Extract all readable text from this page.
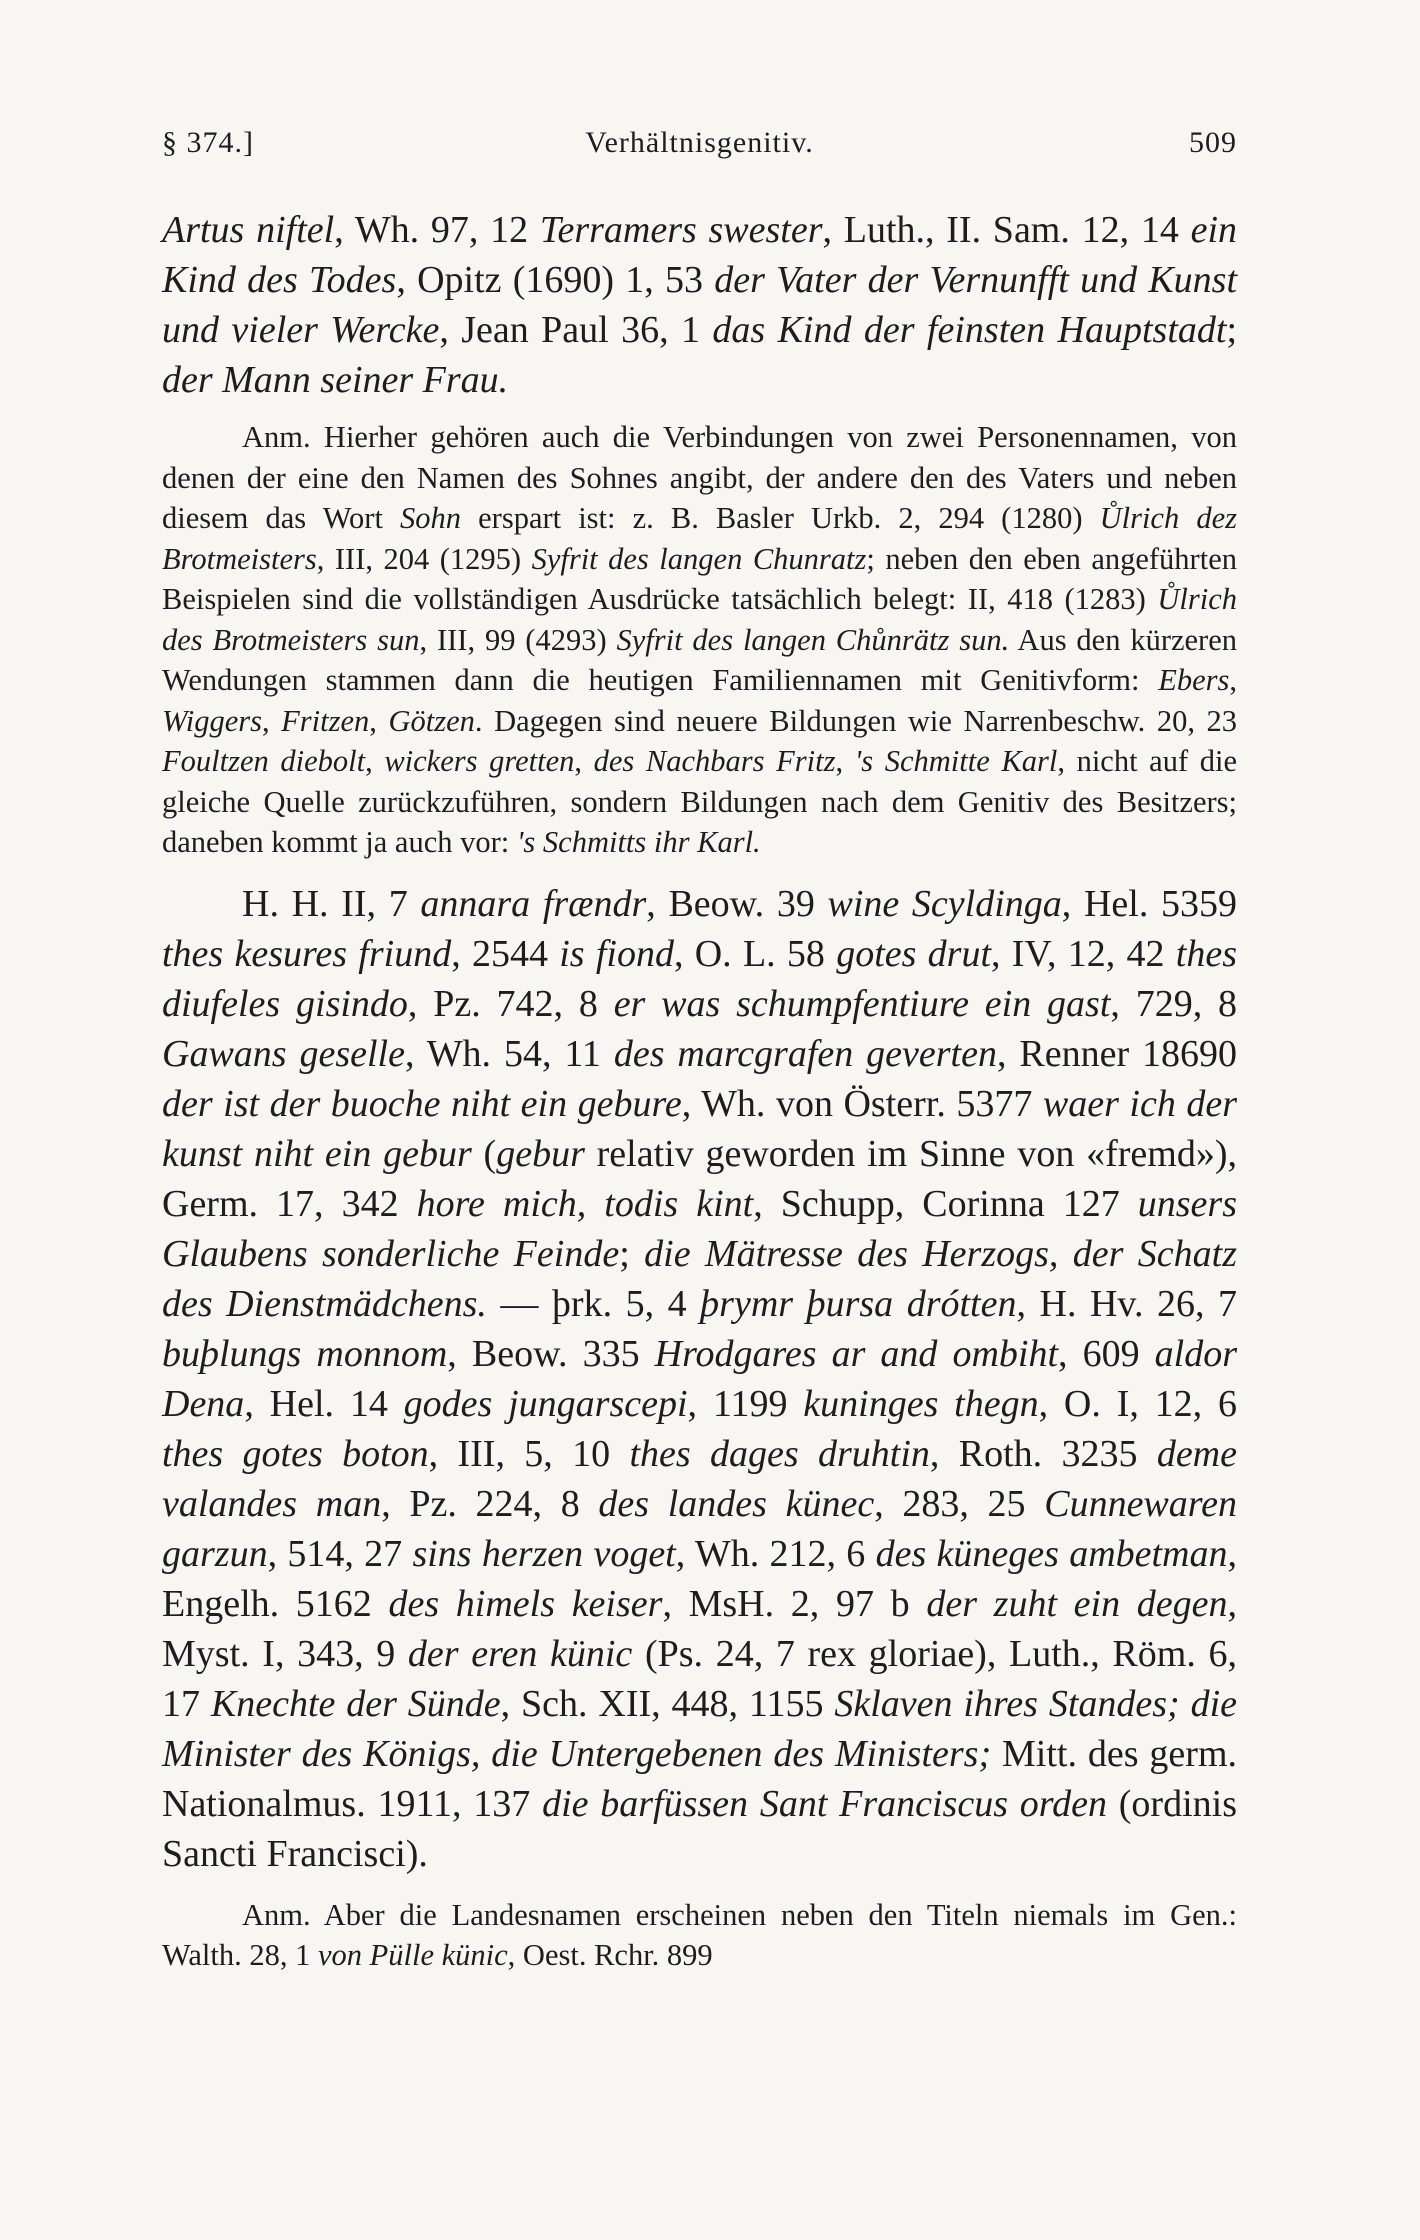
§ 374.]	Verhältnisgenitiv.	509

Artus niftel, Wh. 97, 12 Terramers swester, Luth., II. Sam. 12, 14 ein Kind des Todes, Opitz (1690) 1, 53 der Vater der Vernunfft und Kunst und vieler Wercke, Jean Paul 36, 1 das Kind der feinsten Hauptstadt; der Mann seiner Frau.

Anm. Hierher gehören auch die Verbindungen von zwei Personennamen, von denen der eine den Namen des Sohnes angibt, der andere den des Vaters und neben diesem das Wort Sohn erspart ist: z. B. Basler Urkb. 2, 294 (1280) Ůlrich dez Brotmeisters, III, 204 (1295) Syfrit des langen Chunratz; neben den eben angeführten Beispielen sind die vollständigen Ausdrücke tatsächlich belegt: II, 418 (1283) Ůlrich des Brotmeisters sun, III, 99 (4293) Syfrit des langen Chůnrätz sun. Aus den kürzeren Wendungen stammen dann die heutigen Familiennamen mit Genitivform: Ebers, Wiggers, Fritzen, Götzen. Dagegen sind neuere Bildungen wie Narrenbeschw. 20, 23 Foultzen diebolt, wickers gretten, des Nachbars Fritz, 's Schmitte Karl, nicht auf die gleiche Quelle zurückzuführen, sondern Bildungen nach dem Genitiv des Besitzers; daneben kommt ja auch vor: 's Schmitts ihr Karl.

H. H. II, 7 annara frændr, Beow. 39 wine Scyldinga, Hel. 5359 thes kesures friund, 2544 is fiond, O. L. 58 gotes drut, IV, 12, 42 thes diufeles gisindo, Pz. 742, 8 er was schumpfentiure ein gast, 729, 8 Gawans geselle, Wh. 54, 11 des marcgrafen geverten, Renner 18690 der ist der buoche niht ein gebure, Wh. von Österr. 5377 waer ich der kunst niht ein gebur (gebur relativ geworden im Sinne von «fremd»), Germ. 17, 342 hore mich, todis kint, Schupp, Corinna 127 unsers Glaubens sonderliche Feinde; die Mätresse des Herzogs, der Schatz des Dienstmädchens. — þrk. 5, 4 þrymr þursa drótten, H. Hv. 26, 7 buþlungs monnom, Beow. 335 Hrodgares ar and ombiht, 609 aldor Dena, Hel. 14 godes jungarscepi, 1199 kuninges thegn, O. I, 12, 6 thes gotes boton, III, 5, 10 thes dages druhtin, Roth. 3235 deme valandes man, Pz. 224, 8 des landes künec, 283, 25 Cunnewaren garzun, 514, 27 sins herzen voget, Wh. 212, 6 des küneges ambetman, Engelh. 5162 des himels keiser, MsH. 2, 97 b der zuht ein degen, Myst. I, 343, 9 der eren künic (Ps. 24, 7 rex gloriae), Luth., Röm. 6, 17 Knechte der Sünde, Sch. XII, 448, 1155 Sklaven ihres Standes; die Minister des Königs, die Untergebenen des Ministers; Mitt. des germ. Nationalmus. 1911, 137 die barfüssen Sant Franciscus orden (ordinis Sancti Francisci).

Anm. Aber die Landesnamen erscheinen neben den Titeln niemals im Gen.: Walth. 28, 1 von Pülle künic, Oest. Rchr. 899
